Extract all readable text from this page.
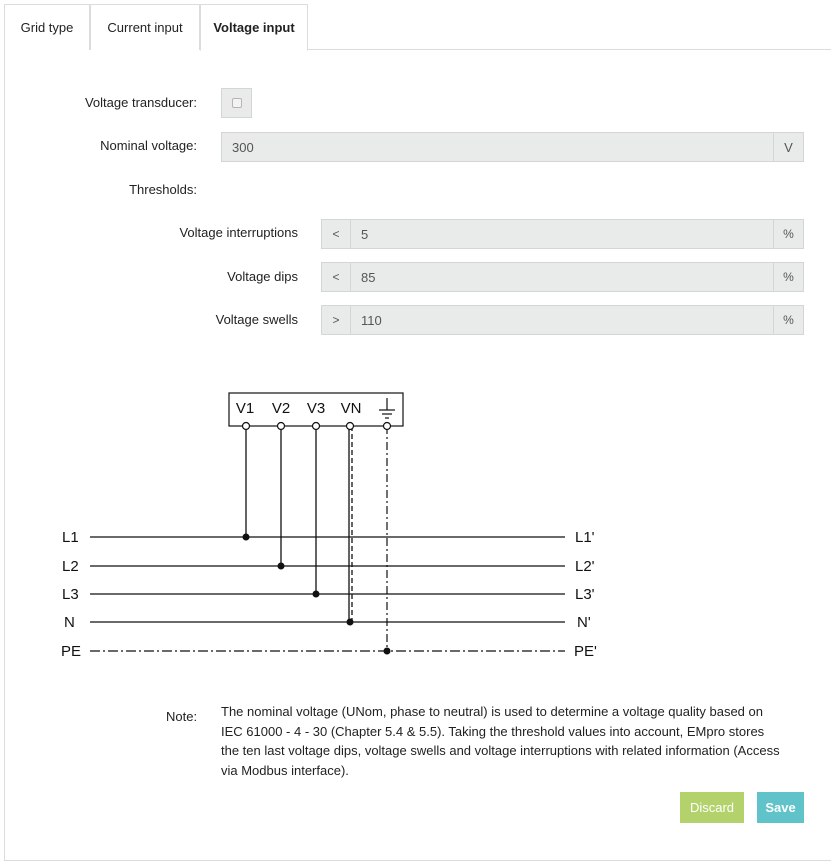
Grid type	Current input	Voltage input
Voltage transducer:
Nominal voltage:	300	V
Thresholds:
Voltage interruptions	<	5	%
Voltage dips	<	85	%
Voltage swells	>	110	%
V1 V2 V3 VN
L1
L2
L3
N
PE
L1'
L2'
L3'
N'
PE'
Note: The nominal voltage (UNom, phase to neutral) is used to determine a voltage quality based on IEC 61000 - 4 - 30 (Chapter 5.4 & 5.5). Taking the threshold values into account, EMpro stores the ten last voltage dips, voltage swells and voltage interruptions with related information (Access via Modbus interface).
Discard	Save
